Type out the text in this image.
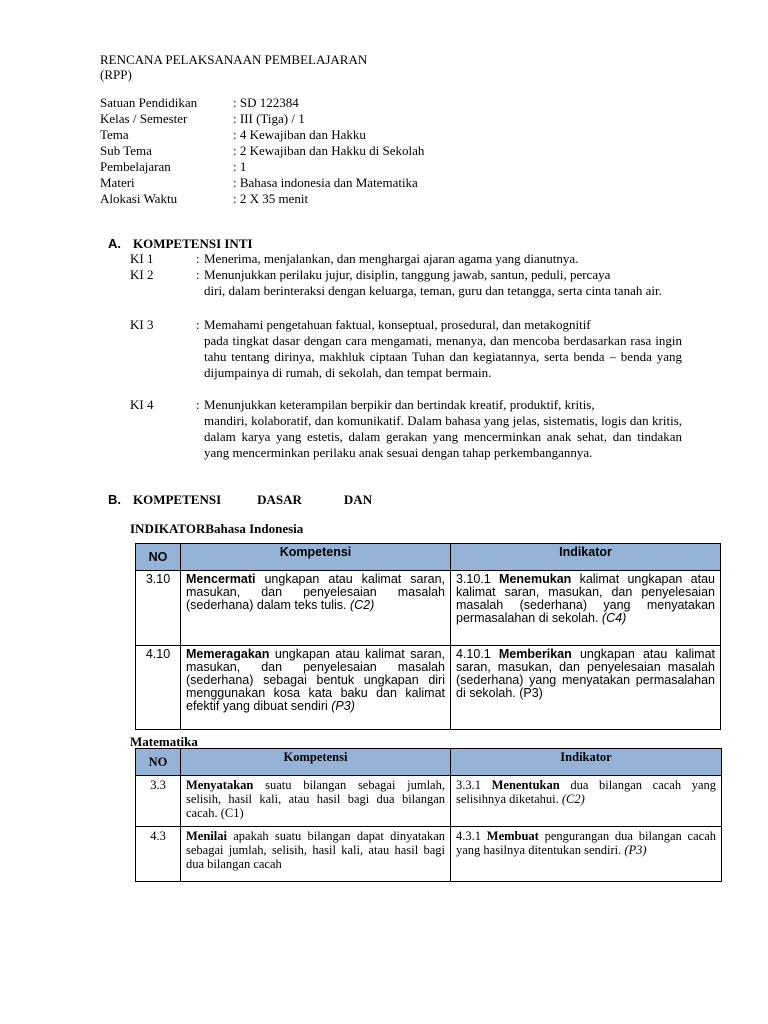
RENCANA PELAKSANAAN PEMBELAJARAN
(RPP)
Satuan Pendidikan	: SD 122384
Kelas / Semester	: III (Tiga) / 1
Tema	: 4 Kewajiban dan Hakku
Sub Tema	: 2 Kewajiban dan Hakku di Sekolah
Pembelajaran	: 1
Materi	: Bahasa indonesia dan Matematika
Alokasi Waktu	: 2 X 35 menit
A. KOMPETENSI INTI
KI 1	: Menerima, menjalankan, dan menghargai ajaran agama yang dianutnya.
KI 2	: Menunjukkan perilaku jujur, disiplin, tanggung jawab, santun, peduli, percaya
diri, dalam berinteraksi dengan keluarga, teman, guru dan tetangga, serta cinta tanah air.
KI 3	: Memahami pengetahuan faktual, konseptual, prosedural, dan metakognitif
pada tingkat dasar dengan cara mengamati, menanya, dan mencoba berdasarkan rasa ingin tahu tentang dirinya, makhluk ciptaan Tuhan dan kegiatannya, serta benda – benda yang dijumpainya di rumah, di sekolah, dan tempat bermain.
KI 4	: Menunjukkan keterampilan berpikir dan bertindak kreatif, produktif, kritis,
mandiri, kolaboratif, dan komunikatif. Dalam bahasa yang jelas, sistematis, logis dan kritis, dalam karya yang estetis, dalam gerakan yang mencerminkan anak sehat, dan tindakan yang mencerminkan perilaku anak sesuai dengan tahap perkembangannya.
B. KOMPETENSI	DASAR	DAN
INDIKATORBahasa Indonesia
NO	Kompetensi	Indikator
3.10	Mencermati ungkapan atau kalimat saran, masukan, dan penyelesaian masalah (sederhana) dalam teks tulis. (C2)	3.10.1 Menemukan kalimat ungkapan atau kalimat saran, masukan, dan penyelesaian masalah (sederhana) yang menyatakan permasalahan di sekolah. (C4)
4.10	Memeragakan ungkapan atau kalimat saran, masukan, dan penyelesaian masalah (sederhana) sebagai bentuk ungkapan diri menggunakan kosa kata baku dan kalimat efektif yang dibuat sendiri (P3)	4.10.1 Memberikan ungkapan atau kalimat saran, masukan, dan penyelesaian masalah (sederhana) yang menyatakan permasalahan di sekolah. (P3)
Matematika
NO	Kompetensi	Indikator
3.3	Menyatakan suatu bilangan sebagai jumlah, selisih, hasil kali, atau hasil bagi dua bilangan cacah. (C1)	3.3.1 Menentukan dua bilangan cacah yang selisihnya diketahui. (C2)
4.3	Menilai apakah suatu bilangan dapat dinyatakan sebagai jumlah, selisih, hasil kali, atau hasil bagi dua bilangan cacah	4.3.1 Membuat pengurangan dua bilangan cacah yang hasilnya ditentukan sendiri. (P3)
